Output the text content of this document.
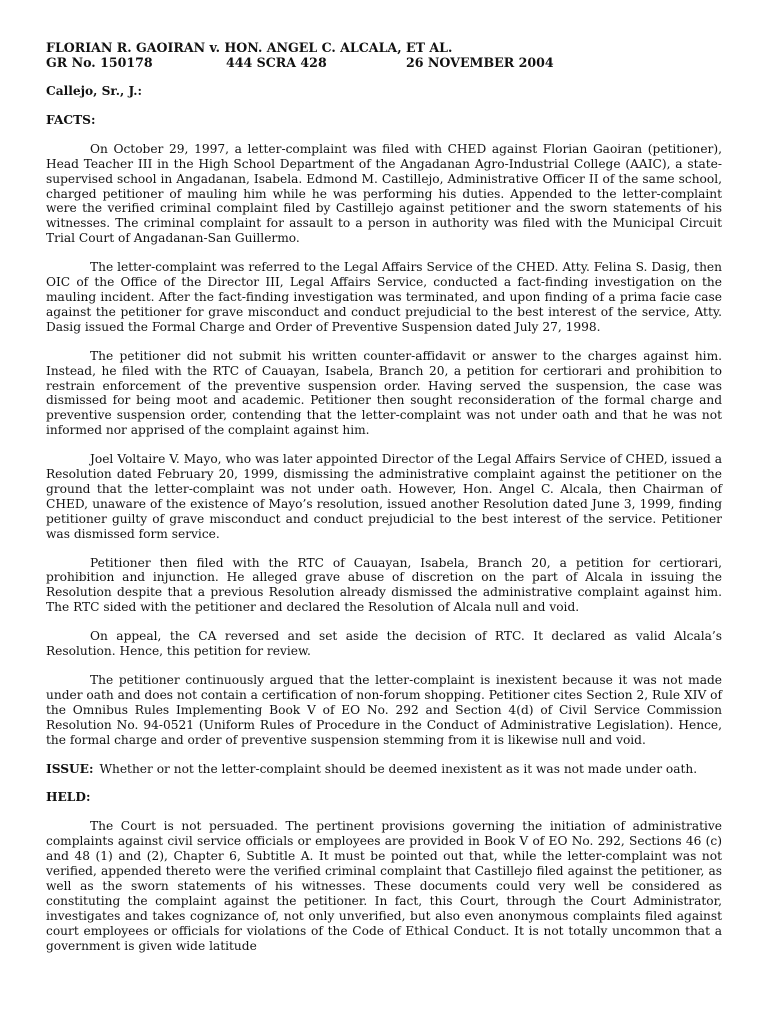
FLORIAN R. GAOIRAN v. HON. ANGEL C. ALCALA, ET AL.
GR No. 150178	444 SCRA 428	26 NOVEMBER 2004
Callejo, Sr., J.:
FACTS:

On October 29, 1997, a letter-complaint was filed with CHED against Florian Gaoiran (petitioner), Head Teacher III in the High School Department of the Angadanan Agro-Industrial College (AAIC), a state-supervised school in Angadanan, Isabela. Edmond M. Castillejo, Administrative Officer II of the same school, charged petitioner of mauling him while he was performing his duties. Appended to the letter-complaint were the verified criminal complaint filed by Castillejo against petitioner and the sworn statements of his witnesses. The criminal complaint for assault to a person in authority was filed with the Municipal Circuit Trial Court of Angadanan-San Guillermo.

The letter-complaint was referred to the Legal Affairs Service of the CHED. Atty. Felina S. Dasig, then OIC of the Office of the Director III, Legal Affairs Service, conducted a fact-finding investigation on the mauling incident. After the fact-finding investigation was terminated, and upon finding of a prima facie case against the petitioner for grave misconduct and conduct prejudicial to the best interest of the service, Atty. Dasig issued the Formal Charge and Order of Preventive Suspension dated July 27, 1998.

The petitioner did not submit his written counter-affidavit or answer to the charges against him. Instead, he filed with the RTC of Cauayan, Isabela, Branch 20, a petition for certiorari and prohibition to restrain enforcement of the preventive suspension order. Having served the suspension, the case was dismissed for being moot and academic. Petitioner then sought reconsideration of the formal charge and preventive suspension order, contending that the letter-complaint was not under oath and that he was not informed nor apprised of the complaint against him.

Joel Voltaire V. Mayo, who was later appointed Director of the Legal Affairs Service of CHED, issued a Resolution dated February 20, 1999, dismissing the administrative complaint against the petitioner on the ground that the letter-complaint was not under oath. However, Hon. Angel C. Alcala, then Chairman of CHED, unaware of the existence of Mayo’s resolution, issued another Resolution dated June 3, 1999, finding petitioner guilty of grave misconduct and conduct prejudicial to the best interest of the service. Petitioner was dismissed form service.

Petitioner then filed with the RTC of Cauayan, Isabela, Branch 20, a petition for certiorari, prohibition and injunction. He alleged grave abuse of discretion on the part of Alcala in issuing the Resolution despite that a previous Resolution already dismissed the administrative complaint against him. The RTC sided with the petitioner and declared the Resolution of Alcala null and void.

On appeal, the CA reversed and set aside the decision of RTC. It declared as valid Alcala’s Resolution. Hence, this petition for review.

The petitioner continuously argued that the letter-complaint is inexistent because it was not made under oath and does not contain a certification of non-forum shopping. Petitioner cites Section 2, Rule XIV of the Omnibus Rules Implementing Book V of EO No. 292 and Section 4(d) of Civil Service Commission Resolution No. 94-0521 (Uniform Rules of Procedure in the Conduct of Administrative Legislation). Hence, the formal charge and order of preventive suspension stemming from it is likewise null and void.

ISSUE: Whether or not the letter-complaint should be deemed inexistent as it was not made under oath.
HELD:

The Court is not persuaded. The pertinent provisions governing the initiation of administrative complaints against civil service officials or employees are provided in Book V of EO No. 292, Sections 46 (c) and 48 (1) and (2), Chapter 6, Subtitle A. It must be pointed out that, while the letter-complaint was not verified, appended thereto were the verified criminal complaint that Castillejo filed against the petitioner, as well as the sworn statements of his witnesses. These documents could very well be considered as constituting the complaint against the petitioner. In fact, this Court, through the Court Administrator, investigates and takes cognizance of, not only unverified, but also even anonymous complaints filed against court employees or officials for violations of the Code of Ethical Conduct. It is not totally uncommon that a government is given wide latitude
